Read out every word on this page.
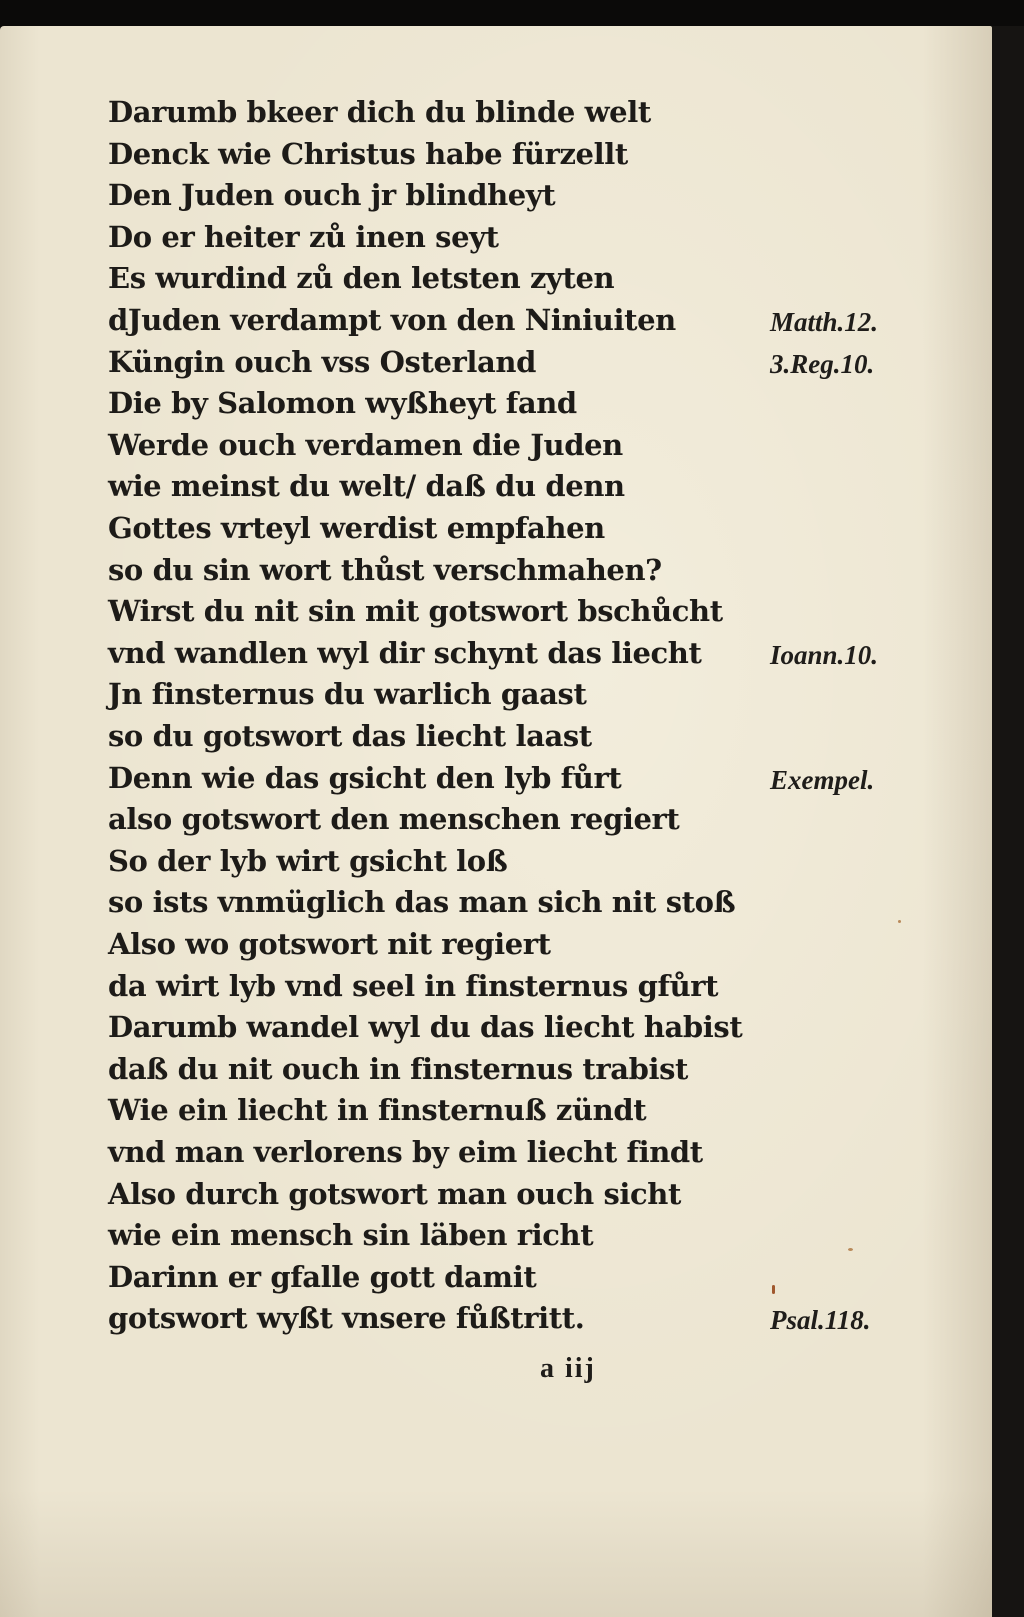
Darumb bkeer dich du blinde welt
Denck wie Christus habe fürzellt
Den Juden ouch jr blindheyt
Do er heiter zů inen seyt
Es wurdind zů den letsten zyten
dJuden verdampt von den Niniuiten
Küngin ouch vss Osterland
Die by Salomon wyßheyt fand
Werde ouch verdamen die Juden
wie meinst du welt/ daß du denn
Gottes vrteyl werdist empfahen
so du sin wort thůst verschmahen?
Wirst du nit sin mit gotswort bschůcht
vnd wandlen wyl dir schynt das liecht
Jn finsternus du warlich gaast
so du gotswort das liecht laast
Denn wie das gsicht den lyb fůrt
also gotswort den menschen regiert
So der lyb wirt gsicht loß
so ists vnmüglich das man sich nit stoß
Also wo gotswort nit regiert
da wirt lyb vnd seel in finsternus gfůrt
Darumb wandel wyl du das liecht habist
daß du nit ouch in finsternus trabist
Wie ein liecht in finsternuß zündt
vnd man verlorens by eim liecht findt
Also durch gotswort man ouch sicht
wie ein mensch sin läben richt
Darinn er gfalle gott damit
gotswort wyßt vnsere fůßtritt.
Matth.12.
3.Reg.10.
Ioann.10.
Exempel.
Psal.118.
a iij
